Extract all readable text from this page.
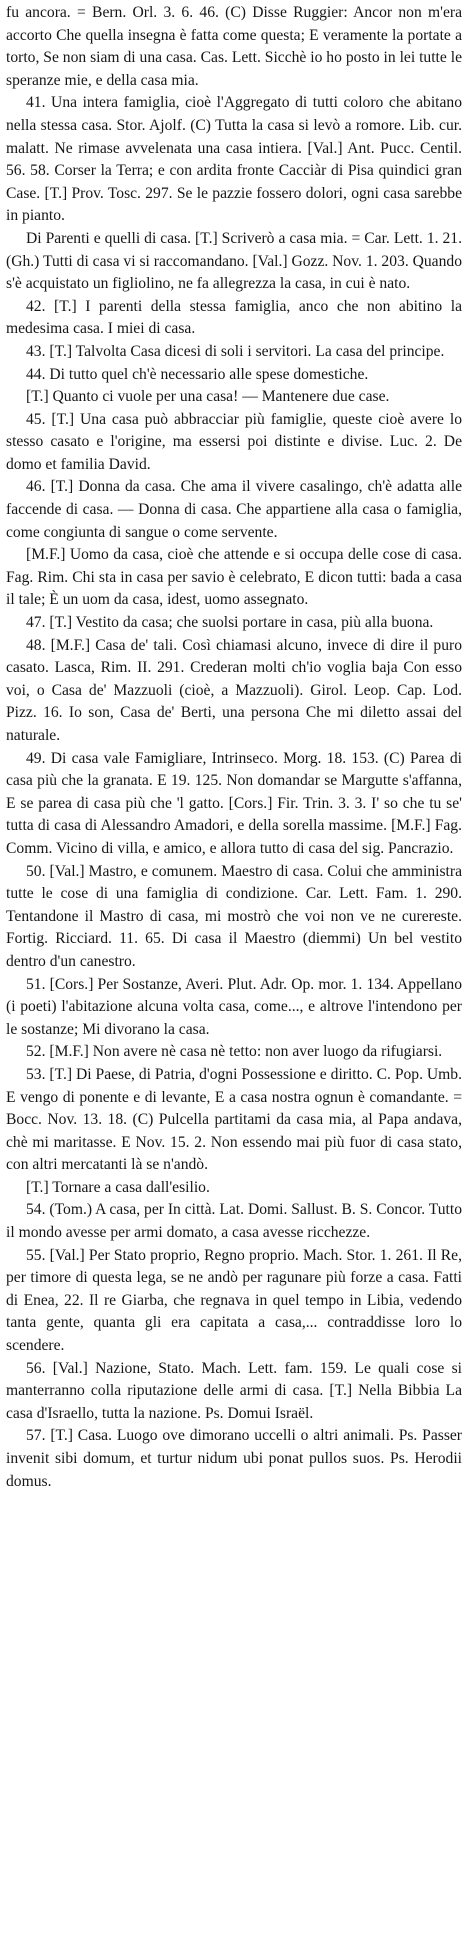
fu ancora. = Bern. Orl. 3. 6. 46. (C) Disse Ruggier: Ancor non m'era accorto Che quella insegna è fatta come questa; E veramente la portate a torto, Se non siam di una casa. Cas. Lett. Sicchè io ho posto in lei tutte le speranze mie, e della casa mia.

41. Una intera famiglia, cioè l'Aggregato di tutti coloro che abitano nella stessa casa. Stor. Ajolf. (C) Tutta la casa si levò a romore. Lib. cur. malatt. Ne rimase avvelenata una casa intiera. [Val.] Ant. Pucc. Centil. 56. 58. Corser la Terra; e con ardita fronte Cacciàr di Pisa quindici gran Case. [T.] Prov. Tosc. 297. Se le pazzie fossero dolori, ogni casa sarebbe in pianto.

Di Parenti e quelli di casa. [T.] Scriverò a casa mia. = Car. Lett. 1. 21. (Gh.) Tutti di casa vi si raccomandano. [Val.] Gozz. Nov. 1. 203. Quando s'è acquistato un figliolino, ne fa allegrezza la casa, in cui è nato.

42. [T.] I parenti della stessa famiglia, anco che non abitino la medesima casa. I miei di casa.

43. [T.] Talvolta Casa dicesi di soli i servitori. La casa del principe.

44. Di tutto quel ch'è necessario alle spese domestiche.

[T.] Quanto ci vuole per una casa! — Mantenere due case.

45. [T.] Una casa può abbracciar più famiglie, queste cioè avere lo stesso casato e l'origine, ma essersi poi distinte e divise. Luc. 2. De domo et familia David.

46. [T.] Donna da casa. Che ama il vivere casalingo, ch'è adatta alle faccende di casa. — Donna di casa. Che appartiene alla casa o famiglia, come congiunta di sangue o come servente.

[M.F.] Uomo da casa, cioè che attende e si occupa delle cose di casa. Fag. Rim. Chi sta in casa per savio è celebrato, E dicon tutti: bada a casa il tale; È un uom da casa, idest, uomo assegnato.

47. [T.] Vestito da casa; che suolsi portare in casa, più alla buona.

48. [M.F.] Casa de' tali. Così chiamasi alcuno, invece di dire il puro casato. Lasca, Rim. II. 291. Crederan molti ch'io voglia baja Con esso voi, o Casa de' Mazzuoli (cioè, a Mazzuoli). Girol. Leop. Cap. Lod. Pizz. 16. Io son, Casa de' Berti, una persona Che mi diletto assai del naturale.

49. Di casa vale Famigliare, Intrinseco. Morg. 18. 153. (C) Parea di casa più che la granata. E 19. 125. Non domandar se Margutte s'affanna, E se parea di casa più che 'l gatto. [Cors.] Fir. Trin. 3. 3. I' so che tu se' tutta di casa di Alessandro Amadori, e della sorella massime. [M.F.] Fag. Comm. Vicino di villa, e amico, e allora tutto di casa del sig. Pancrazio.

50. [Val.] Mastro, e comunem. Maestro di casa. Colui che amministra tutte le cose di una famiglia di condizione. Car. Lett. Fam. 1. 290. Tentandone il Mastro di casa, mi mostrò che voi non ve ne curereste. Fortig. Ricciard. 11. 65. Di casa il Maestro (diemmi) Un bel vestito dentro d'un canestro.

51. [Cors.] Per Sostanze, Averi. Plut. Adr. Op. mor. 1. 134. Appellano (i poeti) l'abitazione alcuna volta casa, come..., e altrove l'intendono per le sostanze; Mi divorano la casa.

52. [M.F.] Non avere nè casa nè tetto: non aver luogo da rifugiarsi.

53. [T.] Di Paese, di Patria, d'ogni Possessione e diritto. C. Pop. Umb. E vengo di ponente e di levante, E a casa nostra ognun è comandante. = Bocc. Nov. 13. 18. (C) Pulcella partitami da casa mia, al Papa andava, chè mi maritasse. E Nov. 15. 2. Non essendo mai più fuor di casa stato, con altri mercatanti là se n'andò.

[T.] Tornare a casa dall'esilio.

54. (Tom.) A casa, per In città. Lat. Domi. Sallust. B. S. Concor. Tutto il mondo avesse per armi domato, a casa avesse ricchezze.

55. [Val.] Per Stato proprio, Regno proprio. Mach. Stor. 1. 261. Il Re, per timore di questa lega, se ne andò per ragunare più forze a casa. Fatti di Enea, 22. Il re Giarba, che regnava in quel tempo in Libia, vedendo tanta gente, quanta gli era capitata a casa,... contraddisse loro lo scendere.

56. [Val.] Nazione, Stato. Mach. Lett. fam. 159. Le quali cose si manterranno colla riputazione delle armi di casa. [T.] Nella Bibbia La casa d'Israello, tutta la nazione. Ps. Domui Israël.

57. [T.] Casa. Luogo ove dimorano uccelli o altri animali. Ps. Passer invenit sibi domum, et turtur nidum ubi ponat pullos suos. Ps. Herodii domus.
